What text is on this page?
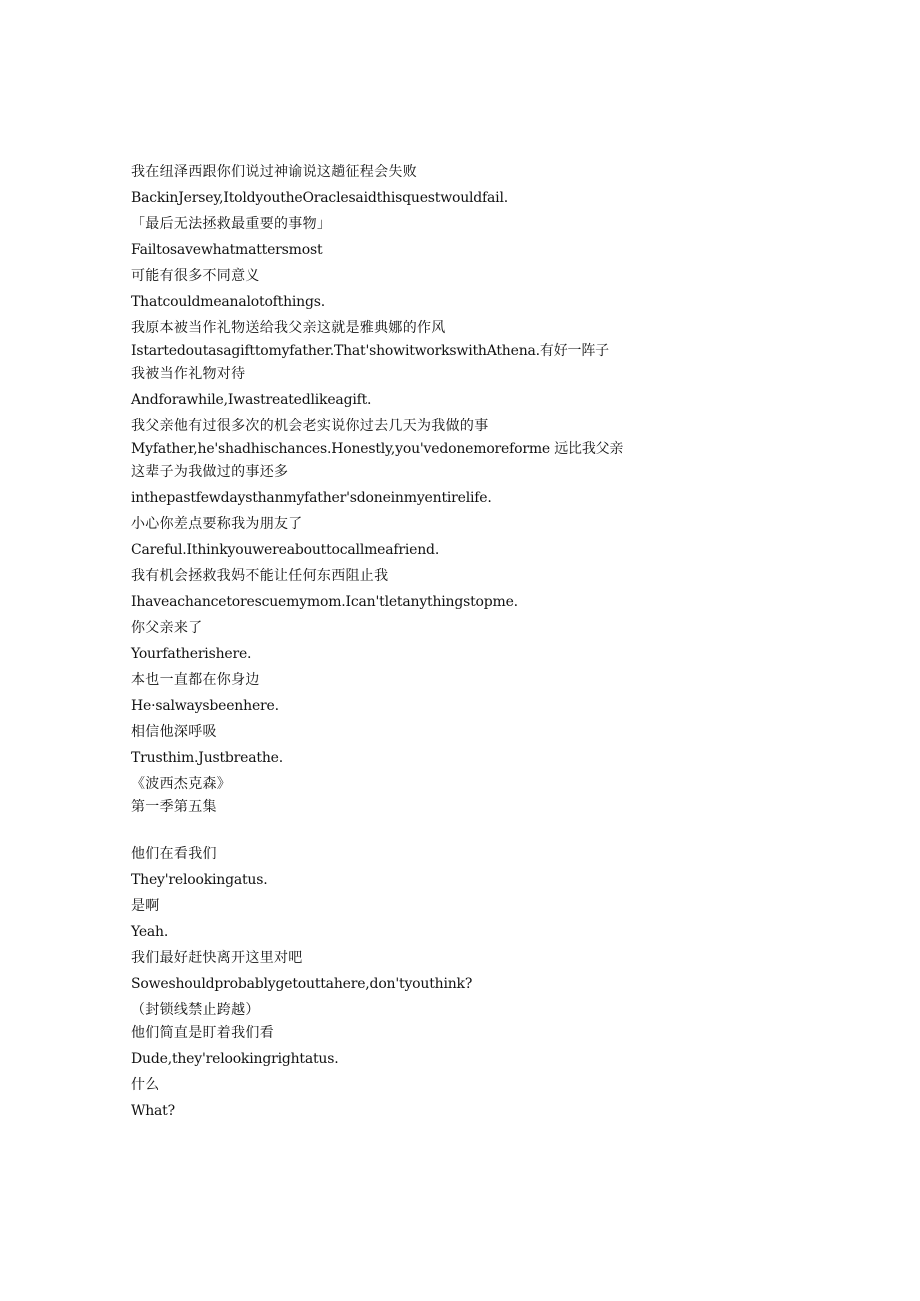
我在纽泽西跟你们说过神谕说这趟征程会失败
BackinJersey,ItoldyoutheOraclesaidthisquestwouldfail.
「最后无法拯救最重要的事物」
Failtosavewhatmattersmost
可能有很多不同意义
Thatcouldmeanalotofthings.
我原本被当作礼物送给我父亲这就是雅典娜的作风
Istartedoutasagifttomyfather.That'showitworkswithAthena.有好一阵子
我被当作礼物对待
Andforawhile,Iwastreatedlikeagift.
我父亲他有过很多次的机会老实说你过去几天为我做的事
Myfather,he'shadhischances.Honestly,you'vedonemoreforme 远比我父亲
这辈子为我做过的事还多
inthepastfewdaysthanmyfather'sdoneinmyentirelife.
小心你差点要称我为朋友了
Careful.Ithinkyouwereabouttocallmeafriend.
我有机会拯救我妈不能让任何东西阻止我
Ihaveachancetorescuemymom.Ican'tletanythingstopme.
你父亲来了
Yourfatherishere.
本也一直都在你身边
He·salwaysbeenhere.
相信他深呼吸
Trusthim.Justbreathe.
《波西杰克森》
第一季第五集
他们在看我们
They'relookingatus.
是啊
Yeah.
我们最好赶快离开这里对吧
Soweshouldprobablygetouttahere,don'tyouthink?
（封锁线禁止跨越）
他们简直是盯着我们看
Dude,they'relookingrightatus.
什么
What?
